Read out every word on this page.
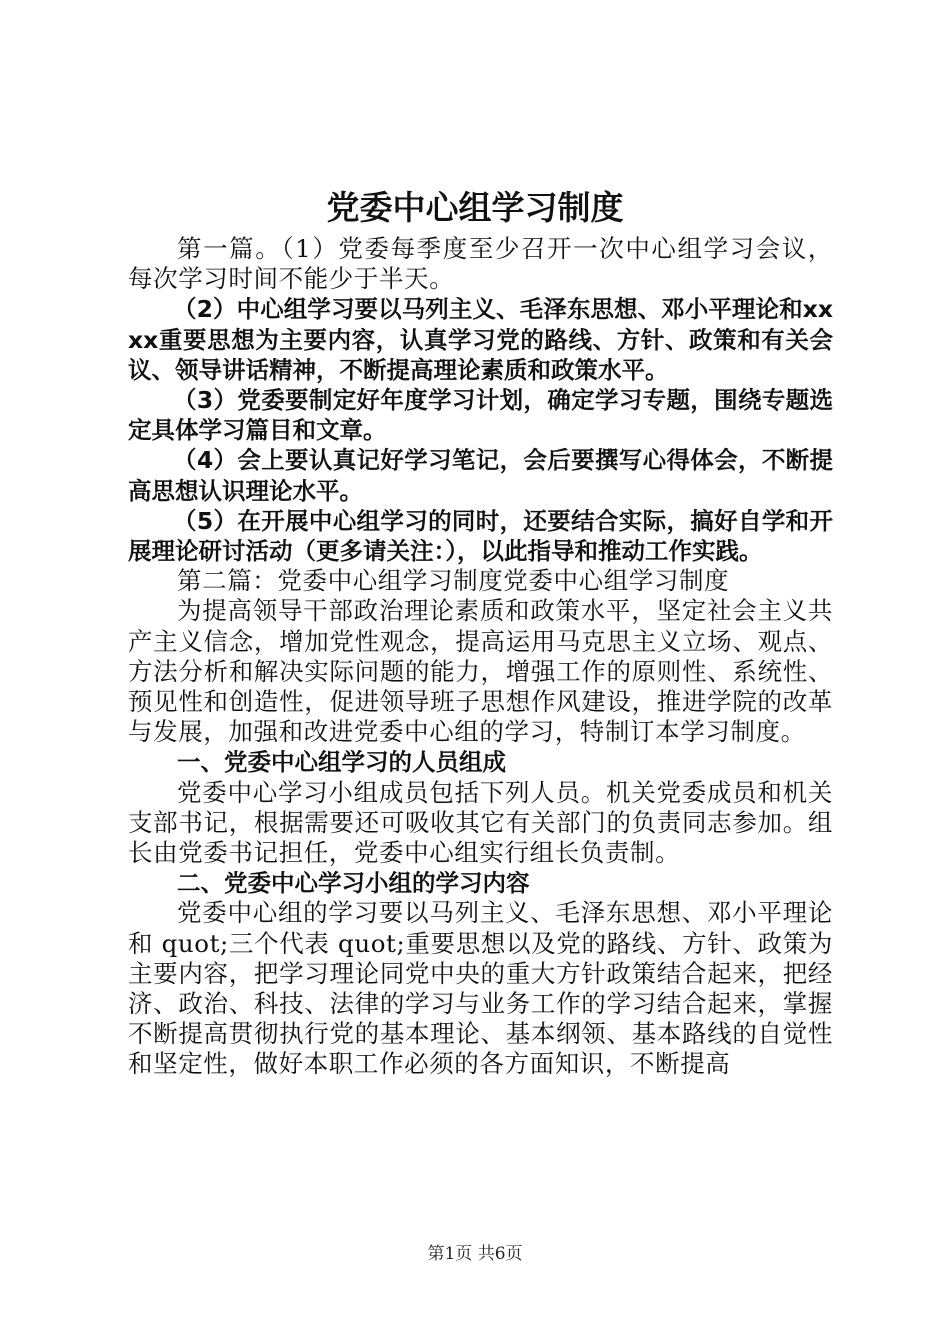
党委中心组学习制度

第一篇。（1）党委每季度至少召开一次中心组学习会议，每次学习时间不能少于半天。

（2）中心组学习要以马列主义、毛泽东思想、邓小平理论和xxxx重要思想为主要内容，认真学习党的路线、方针、政策和有关会议、领导讲话精神，不断提高理论素质和政策水平。

（3）党委要制定好年度学习计划，确定学习专题，围绕专题选定具体学习篇目和文章。

（4）会上要认真记好学习笔记，会后要撰写心得体会，不断提高思想认识理论水平。

（5）在开展中心组学习的同时，还要结合实际，搞好自学和开展理论研讨活动（更多请关注：），以此指导和推动工作实践。

第二篇：党委中心组学习制度党委中心组学习制度

为提高领导干部政治理论素质和政策水平，坚定社会主义共产主义信念，增加党性观念，提高运用马克思主义立场、观点、方法分析和解决实际问题的能力，增强工作的原则性、系统性、预见性和创造性，促进领导班子思想作风建设，推进学院的改革与发展，加强和改进党委中心组的学习，特制订本学习制度。

一、党委中心组学习的人员组成

党委中心学习小组成员包括下列人员。机关党委成员和机关支部书记，根据需要还可吸收其它有关部门的负责同志参加。组长由党委书记担任，党委中心组实行组长负责制。

二、党委中心学习小组的学习内容

党委中心组的学习要以马列主义、毛泽东思想、邓小平理论和 quot;三个代表 quot;重要思想以及党的路线、方针、政策为主要内容，把学习理论同党中央的重大方针政策结合起来，把经济、政治、科技、法律的学习与业务工作的学习结合起来，掌握不断提高贯彻执行党的基本理论、基本纲领、基本路线的自觉性和坚定性，做好本职工作必须的各方面知识，不断提高

第1页 共6页
